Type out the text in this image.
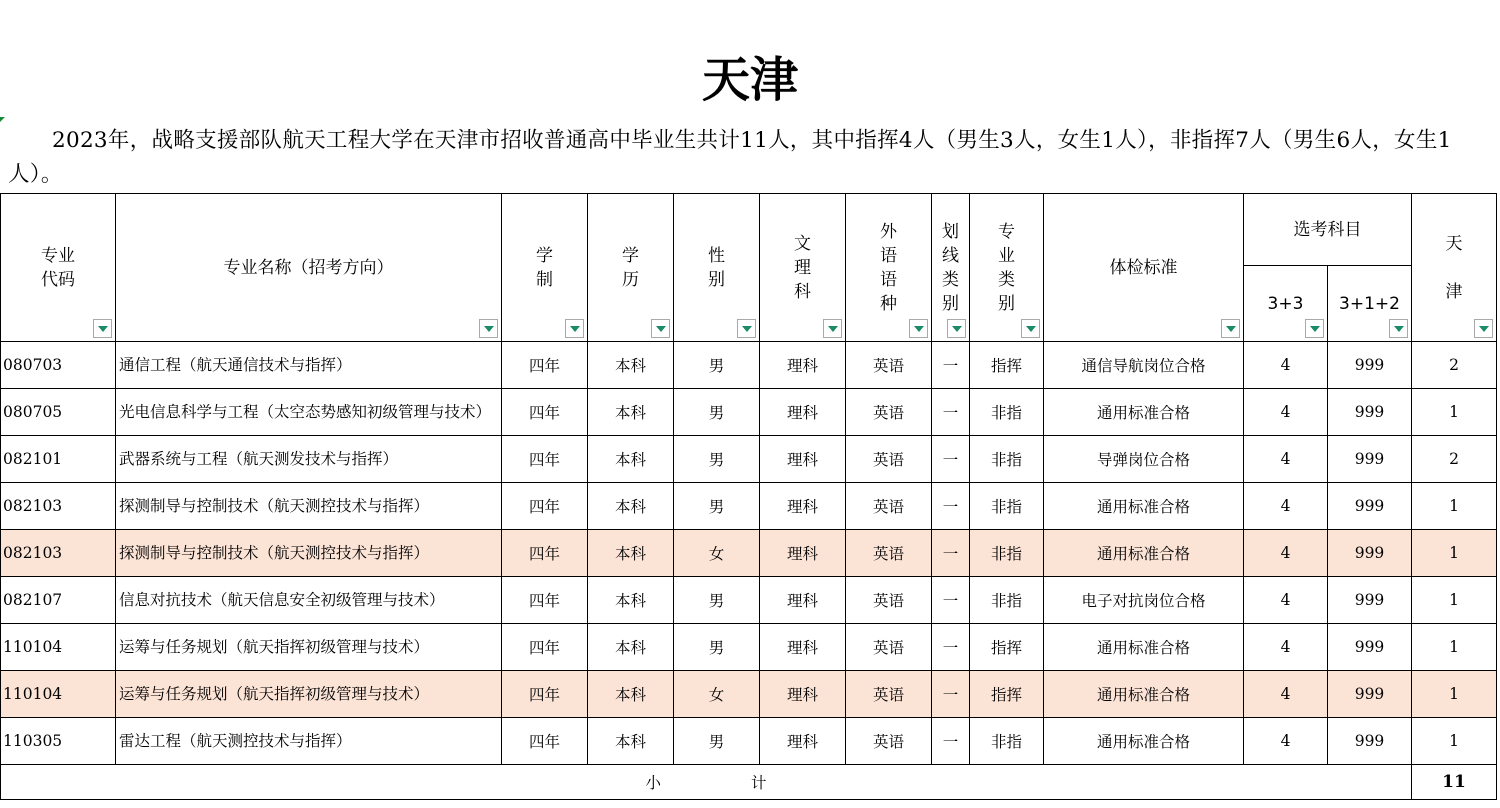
天津
2023年，战略支援部队航天工程大学在天津市招收普通高中毕业生共计11人，其中指挥4人（男生3人，女生1人），非指挥7人（男生6人，女生1人）。
专业
代码	专业名称（招考方向）	学制	学历	性别	文理科	外语语种	划线类别	专业类别	体检标准	选考科目		天津

										3+3	3+1+2	

080703	通信工程（航天通信技术与指挥）	四年	本科	男	理科	英语	一	指挥	通信导航岗位合格	4	999	2
080705	光电信息科学与工程（太空态势感知初级管理与技术）	四年	本科	男	理科	英语	一	非指	通用标准合格	4	999	1
082101	武器系统与工程（航天测发技术与指挥）	四年	本科	男	理科	英语	一	非指	导弹岗位合格	4	999	2
082103	探测制导与控制技术（航天测控技术与指挥）	四年	本科	男	理科	英语	一	非指	通用标准合格	4	999	1
082103	探测制导与控制技术（航天测控技术与指挥）	四年	本科	女	理科	英语	一	非指	通用标准合格	4	999	1
082107	信息对抗技术（航天信息安全初级管理与技术）	四年	本科	男	理科	英语	一	非指	电子对抗岗位合格	4	999	1
110104	运筹与任务规划（航天指挥初级管理与技术）	四年	本科	男	理科	英语	一	指挥	通用标准合格	4	999	1
110104	运筹与任务规划（航天指挥初级管理与技术）	四年	本科	女	理科	英语	一	指挥	通用标准合格	4	999	1
110305	雷达工程（航天测控技术与指挥）	四年	本科	男	理科	英语	一	非指	通用标准合格	4	999	1
小 计												11
